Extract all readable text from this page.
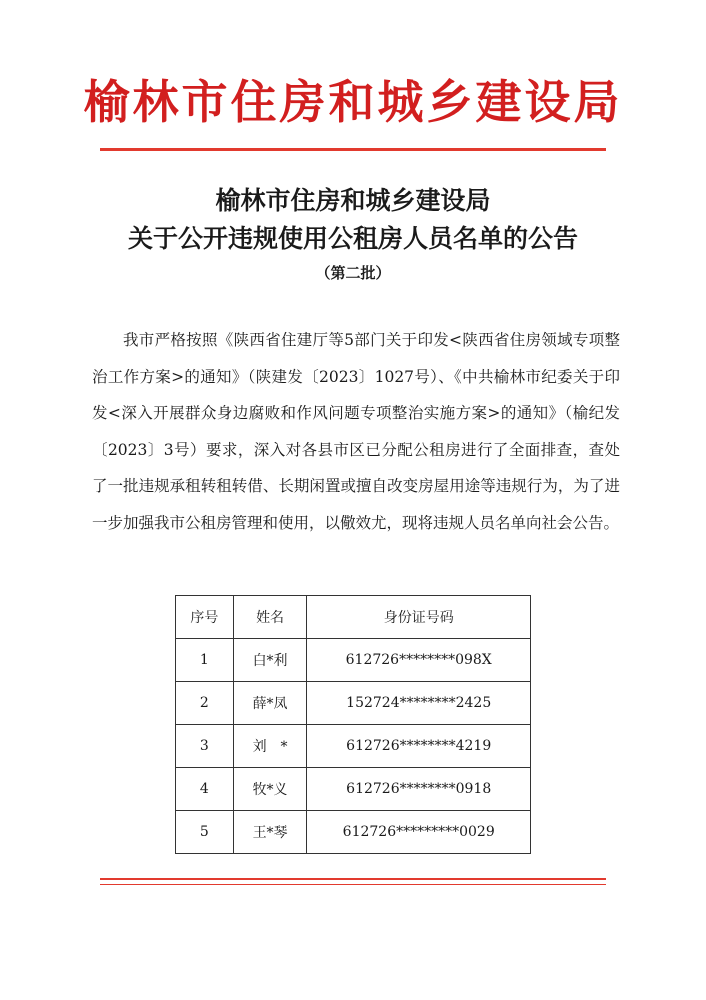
榆林市住房和城乡建设局
榆林市住房和城乡建设局
关于公开违规使用公租房人员名单的公告
（第二批）
我市严格按照《陕西省住建厅等5部门关于印发<陕西省住房领域专项整治工作方案>的通知》（陕建发〔2023〕1027号）、《中共榆林市纪委关于印发<深入开展群众身边腐败和作风问题专项整治实施方案>的通知》（榆纪发〔2023〕3号）要求，深入对各县市区已分配公租房进行了全面排查，查处了一批违规承租转租转借、长期闲置或擅自改变房屋用途等违规行为，为了进一步加强我市公租房管理和使用，以儆效尤，现将违规人员名单向社会公告。
序号	姓名	身份证号码
1	白*利	612726********098X
2	薛*凤	152724********2425
3	刘　*	612726********4219
4	牧*义	612726********0918
5	王*琴	612726*********0029
